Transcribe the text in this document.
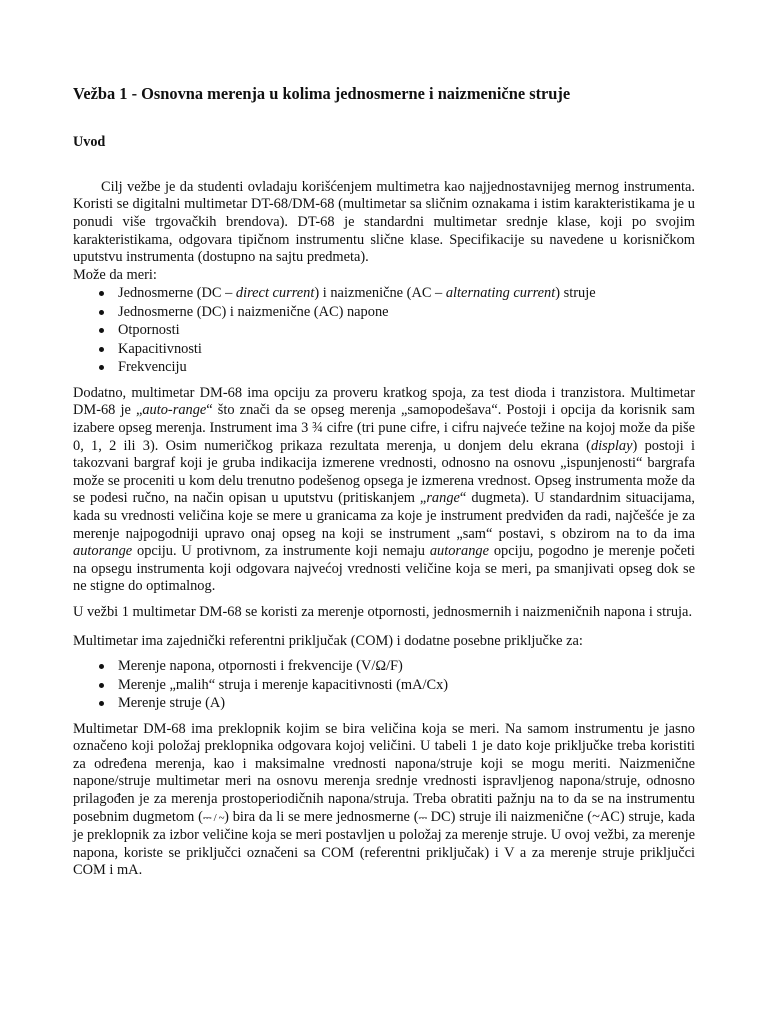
Vežba 1 - Osnovna merenja u kolima jednosmerne i naizmenične struje
Uvod

Cilj vežbe je da studenti ovladaju korišćenjem multimetra kao najjednostavnijeg mernog instrumenta. Koristi se digitalni multimetar DT-68/DM-68 (multimetar sa sličnim oznakama i istim karakteristikama je u ponudi više trgovačkih brendova). DT-68 je standardni multimetar srednje klase, koji po svojim karakteristikama, odgovara tipičnom instrumentu slične klase. Specifikacije su navedene u korisničkom uputstvu instrumenta (dostupno na sajtu predmeta).

Može da meri:

Jednosmerne (DC – direct current) i naizmenične (AC – alternating current) struje
Jednosmerne (DC) i naizmenične (AC) napone
Otpornosti
Kapacitivnosti
Frekvenciju

Dodatno, multimetar DM-68 ima opciju za proveru kratkog spoja, za test dioda i tranzistora. Multimetar DM-68 je „auto-range“ što znači da se opseg merenja „samopodešava“. Postoji i opcija da korisnik sam izabere opseg merenja. Instrument ima 3 ¾ cifre (tri pune cifre, i cifru najveće težine na kojoj može da piše 0, 1, 2 ili 3). Osim numeričkog prikaza rezultata merenja, u donjem delu ekrana (display) postoji i takozvani bargraf koji je gruba indikacija izmerene vrednosti, odnosno na osnovu „ispunjenosti“ bargrafa može se proceniti u kom delu trenutno podešenog opsega je izmerena vrednost. Opseg instrumenta može da se podesi ručno, na način opisan u uputstvu (pritiskanjem „range“ dugmeta). U standardnim situacijama, kada su vrednosti veličina koje se mere u granicama za koje je instrument predviđen da radi, najčešće je za merenje najpogodniji upravo onaj opseg na koji se instrument „sam“ postavi, s obzirom na to da ima autorange opciju. U protivnom, za instrumente koji nemaju autorange opciju, pogodno je merenje početi na opsegu instrumenta koji odgovara najvećoj vrednosti veličine koja se meri, pa smanjivati opseg dok se ne stigne do optimalnog.

U vežbi 1 multimetar DM-68 se koristi za merenje otpornosti, jednosmernih i naizmeničnih napona i struja.

Multimetar ima zajednički referentni priključak (COM) i dodatne posebne priključke za:

Merenje napona, otpornosti i frekvencije (V/Ω/F)
Merenje „malih“ struja i merenje kapacitivnosti (mA/Cx)
Merenje struje (A)

Multimetar DM-68 ima preklopnik kojim se bira veličina koja se meri. Na samom instrumentu je jasno označeno koji položaj preklopnika odgovara kojoj veličini. U tabeli 1 je dato koje priključke treba koristiti za određena merenja, kao i maksimalne vrednosti napona/struje koji se mogu meriti. Naizmenične napone/struje multimetar meri na osnovu merenja srednje vrednosti ispravljenog napona/struje, odnosno prilagođen je za merenja prostoperiodičnih napona/struja. Treba obratiti pažnju na to da se na instrumentu posebnim dugmetom (⎓ / ~) bira da li se mere jednosmerne (⎓ DC) struje ili naizmenične (~AC) struje, kada je preklopnik za izbor veličine koja se meri postavljen u položaj za merenje struje. U ovoj vežbi, za merenje napona, koriste se priključci označeni sa COM (referentni priključak) i V a za merenje struje priključci COM i mA.
